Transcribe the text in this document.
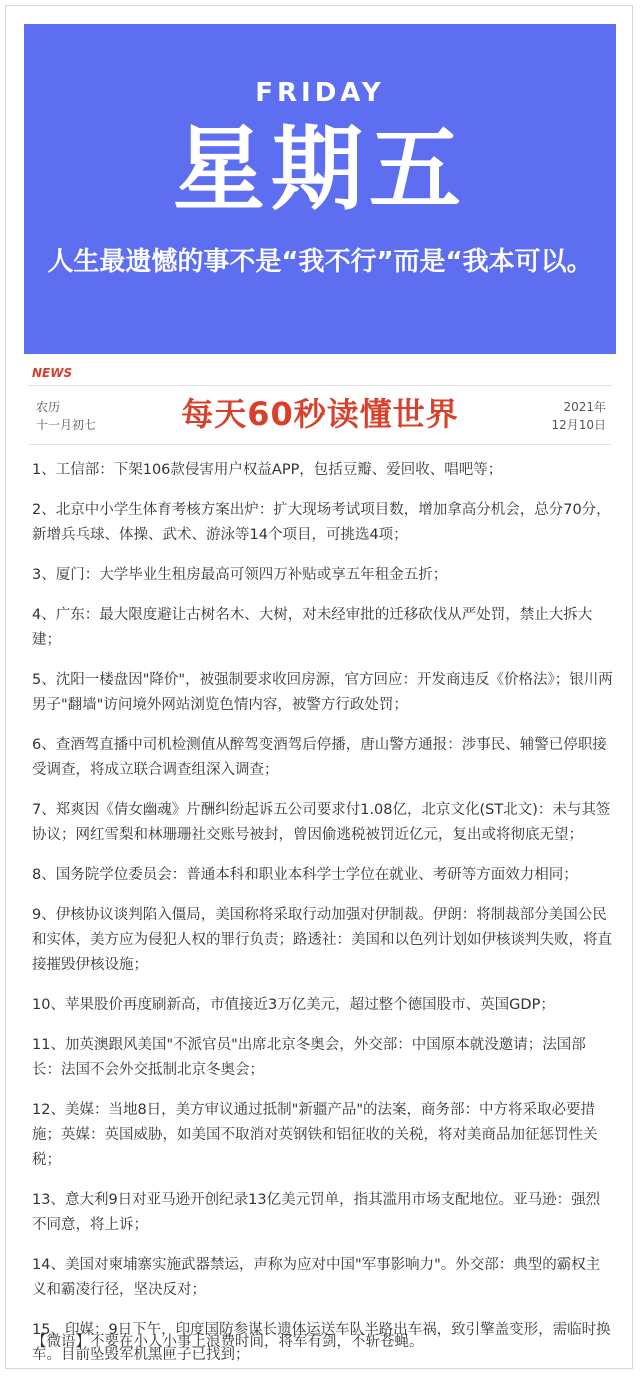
FRIDAY
星期五
人生最遗憾的事不是“我不行”而是“我本可以。
NEWS
农历
十一月初七	每天60秒读懂世界	2021年
12月10日
1、工信部：下架106款侵害用户权益APP，包括豆瓣、爱回收、唱吧等；
2、北京中小学生体育考核方案出炉：扩大现场考试项目数，增加拿高分机会，总分70分，新增兵乓球、体操、武术、游泳等14个项目，可挑选4项；
3、厦门：大学毕业生租房最高可领四万补贴或享五年租金五折；
4、广东：最大限度避让古树名木、大树，对未经审批的迁移砍伐从严处罚，禁止大拆大建；
5、沈阳一楼盘因"降价"，被强制要求收回房源，官方回应：开发商违反《价格法》；银川两男子"翻墙"访问境外网站浏览色情内容，被警方行政处罚；
6、查酒驾直播中司机检测值从醉驾变酒驾后停播，唐山警方通报：涉事民、辅警已停职接受调查，将成立联合调查组深入调查；
7、郑爽因《倩女幽魂》片酬纠纷起诉五公司要求付1.08亿，北京文化(ST北文)：未与其签协议；网红雪梨和林珊珊社交账号被封，曾因偷逃税被罚近亿元，复出或将彻底无望；
8、国务院学位委员会：普通本科和职业本科学士学位在就业、考研等方面效力相同；
9、伊核协议谈判陷入僵局，美国称将采取行动加强对伊制裁。伊朗：将制裁部分美国公民和实体，美方应为侵犯人权的罪行负责；路透社：美国和以色列计划如伊核谈判失败，将直接摧毁伊核设施；
10、苹果股价再度刷新高，市值接近3万亿美元，超过整个德国股市、英国GDP；
11、加英澳跟风美国"不派官员"出席北京冬奥会，外交部：中国原本就没邀请；法国部长：法国不会外交抵制北京冬奥会；
12、美媒：当地8日，美方审议通过抵制"新疆产品"的法案，商务部：中方将采取必要措施；英媒：英国威胁，如美国不取消对英钢铁和铝征收的关税，将对美商品加征惩罚性关税；
13、意大利9日对亚马逊开创纪录13亿美元罚单，指其滥用市场支配地位。亚马逊：强烈不同意，将上诉；
14、美国对柬埔寨实施武器禁运，声称为应对中国"军事影响力"。外交部：典型的霸权主义和霸凌行径，坚决反对；
15、印媒：9日下午，印度国防参谋长遗体运送车队半路出车祸，致引擎盖变形，需临时换车。目前坠毁军机黑匣子已找到；
【微语】不要在小人小事上浪费时间，将军有剑，不斩苍蝇。
